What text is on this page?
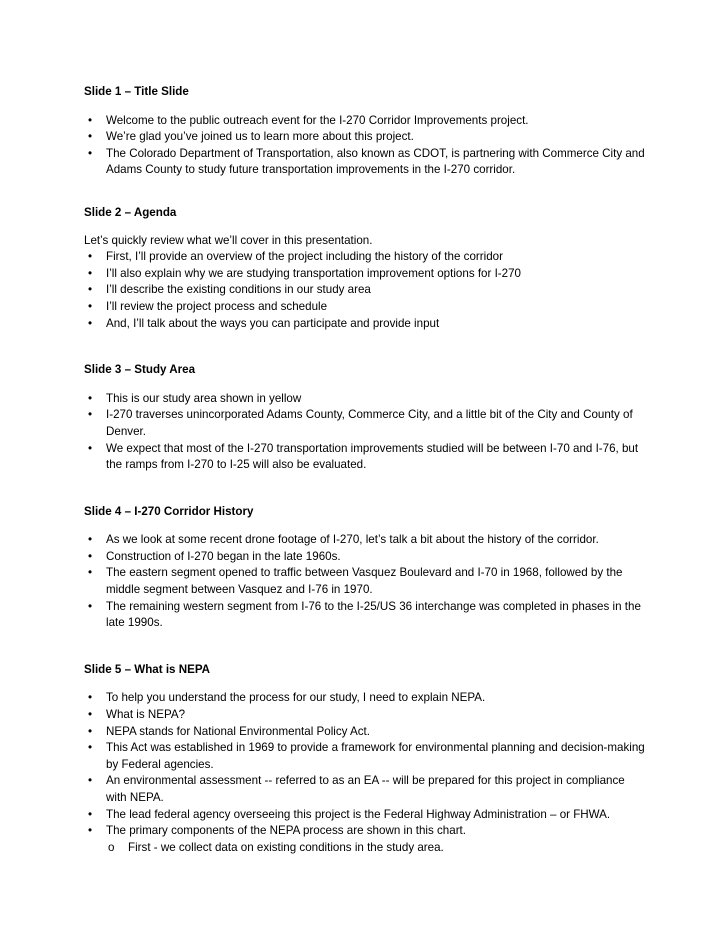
Slide 1 – Title Slide
• Welcome to the public outreach event for the I-270 Corridor Improvements project.
• We’re glad you’ve joined us to learn more about this project.
• The Colorado Department of Transportation, also known as CDOT, is partnering with Commerce City and Adams County to study future transportation improvements in the I-270 corridor.
Slide 2 – Agenda

Let’s quickly review what we’ll cover in this presentation.

• First, I’ll provide an overview of the project including the history of the corridor
• I’ll also explain why we are studying transportation improvement options for I-270
• I’ll describe the existing conditions in our study area
• I’ll review the project process and schedule
• And, I’ll talk about the ways you can participate and provide input
Slide 3 – Study Area
• This is our study area shown in yellow
• I-270 traverses unincorporated Adams County, Commerce City, and a little bit of the City and County of Denver.
• We expect that most of the I-270 transportation improvements studied will be between I-70 and I-76, but the ramps from I-270 to I-25 will also be evaluated.
Slide 4 – I-270 Corridor History
• As we look at some recent drone footage of I-270, let’s talk a bit about the history of the corridor.
• Construction of I-270 began in the late 1960s.
• The eastern segment opened to traffic between Vasquez Boulevard and I-70 in 1968, followed by the middle segment between Vasquez and I-76 in 1970.
• The remaining western segment from I-76 to the I-25/US 36 interchange was completed in phases in the late 1990s.
Slide 5 – What is NEPA
• To help you understand the process for our study, I need to explain NEPA.
• What is NEPA?
• NEPA stands for National Environmental Policy Act.
• This Act was established in 1969 to provide a framework for environmental planning and decision-making by Federal agencies.
• An environmental assessment -- referred to as an EA -- will be prepared for this project in compliance with NEPA.
• The lead federal agency overseeing this project is the Federal Highway Administration – or FHWA.
• The primary components of the NEPA process are shown in this chart.
o First - we collect data on existing conditions in the study area.
